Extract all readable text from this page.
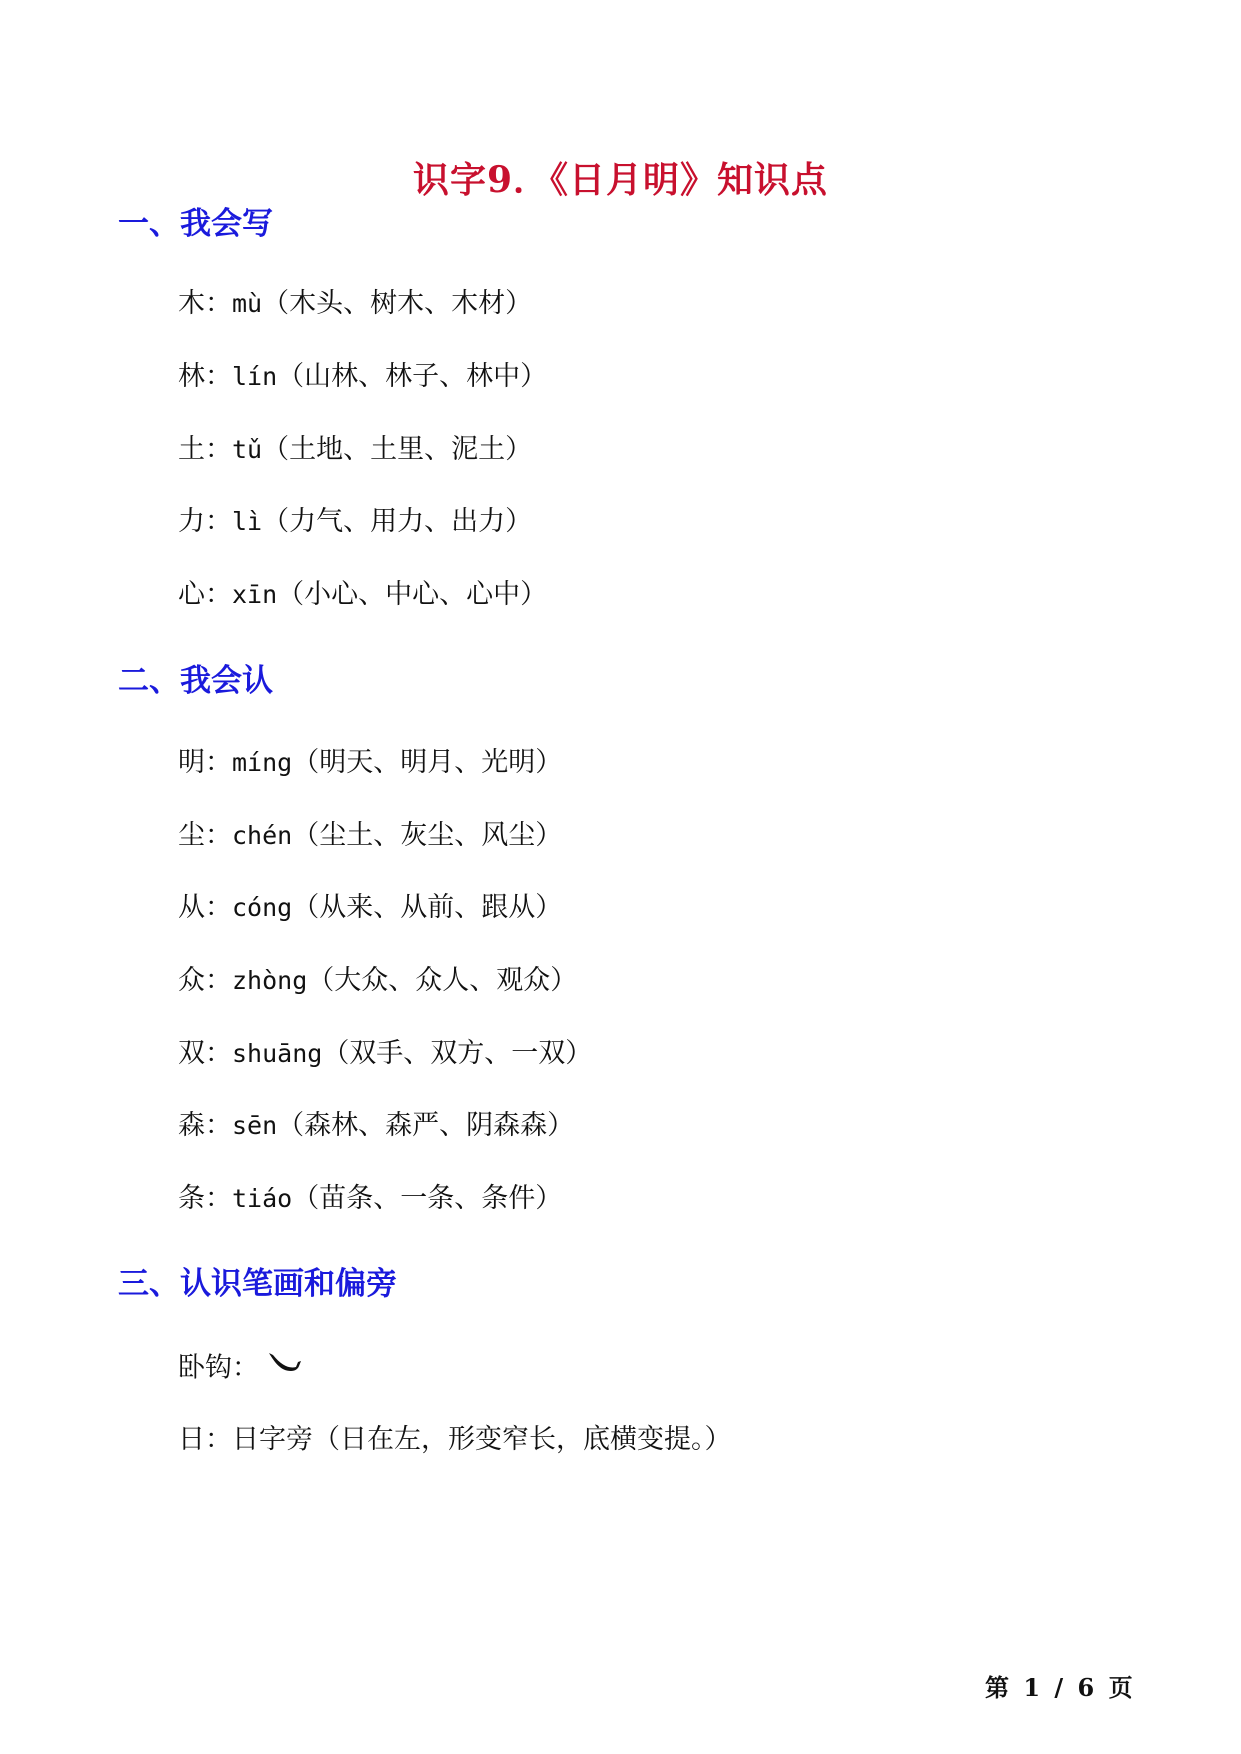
识字9．《日月明》知识点
一、我会写
木：mù（木头、树木、木材）
林：lín（山林、林子、林中）
土：tǔ（土地、土里、泥土）
力：lì（力气、用力、出力）
心：xīn（小心、中心、心中）
二、我会认
明：míng（明天、明月、光明）
尘：chén（尘土、灰尘、风尘）
从：cóng（从来、从前、跟从）
众：zhòng（大众、众人、观众）
双：shuāng（双手、双方、一双）
森：sēn（森林、森严、阴森森）
条：tiáo（苗条、一条、条件）
三、认识笔画和偏旁
卧钩：
日：日字旁（日在左，形变窄长，底横变提。）
第 1 / 6 页
